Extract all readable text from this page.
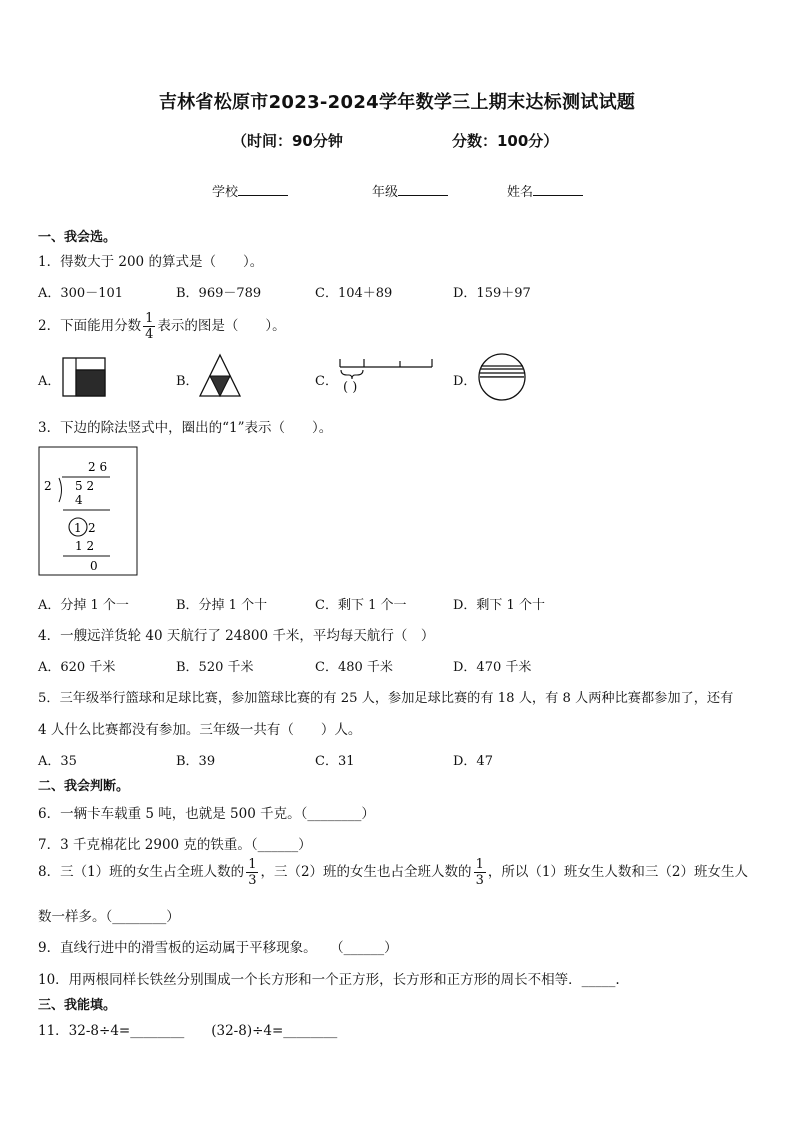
吉林省松原市2023-2024学年数学三上期末达标测试试题
（时间：90分钟	分数：100分）
学校	年级	姓名
一、我会选。
1．得数大于 200 的算式是（　　）。
A．300－101	B．969－789	C．104＋89	D．159＋97
2．下面能用分数 $\frac{1}{4}$ 表示的图是（　　）。
A．	B．	C． ( )	D．
3．下边的除法竖式中，圈出的“1”表示（　　）。
2 6
2 5 2
4
1 2
1 2
0
A．分掉 1 个一	B．分掉 1 个十	C．剩下 1 个一	D．剩下 1 个十
4．一艘远洋货轮 40 天航行了 24800 千米，平均每天航行（　）
A．620 千米	B．520 千米	C．480 千米	D．470 千米
5．三年级举行篮球和足球比赛，参加篮球比赛的有 25 人，参加足球比赛的有 18 人，有 8 人两种比赛都参加了，还有
4 人什么比赛都没有参加。三年级一共有（　　）人。
A．35	B．39	C．31	D．47
二、我会判断。
6．一辆卡车载重 5 吨，也就是 500 千克。（________）
7．3 千克棉花比 2900 克的铁重。（______）
8．三（1）班的女生占全班人数的 $\frac{1}{3}$ ，三（2）班的女生也占全班人数的 $\frac{1}{3}$ ，所以（1）班女生人数和三（2）班女生人
数一样多。（________）
9．直线行进中的滑雪板的运动属于平移现象。　　（______）
10．用两根同样长铁丝分别围成一个长方形和一个正方形，长方形和正方形的周长不相等．_____.
三、我能填。
11．32-8÷4=________　　(32-8)÷4=________
